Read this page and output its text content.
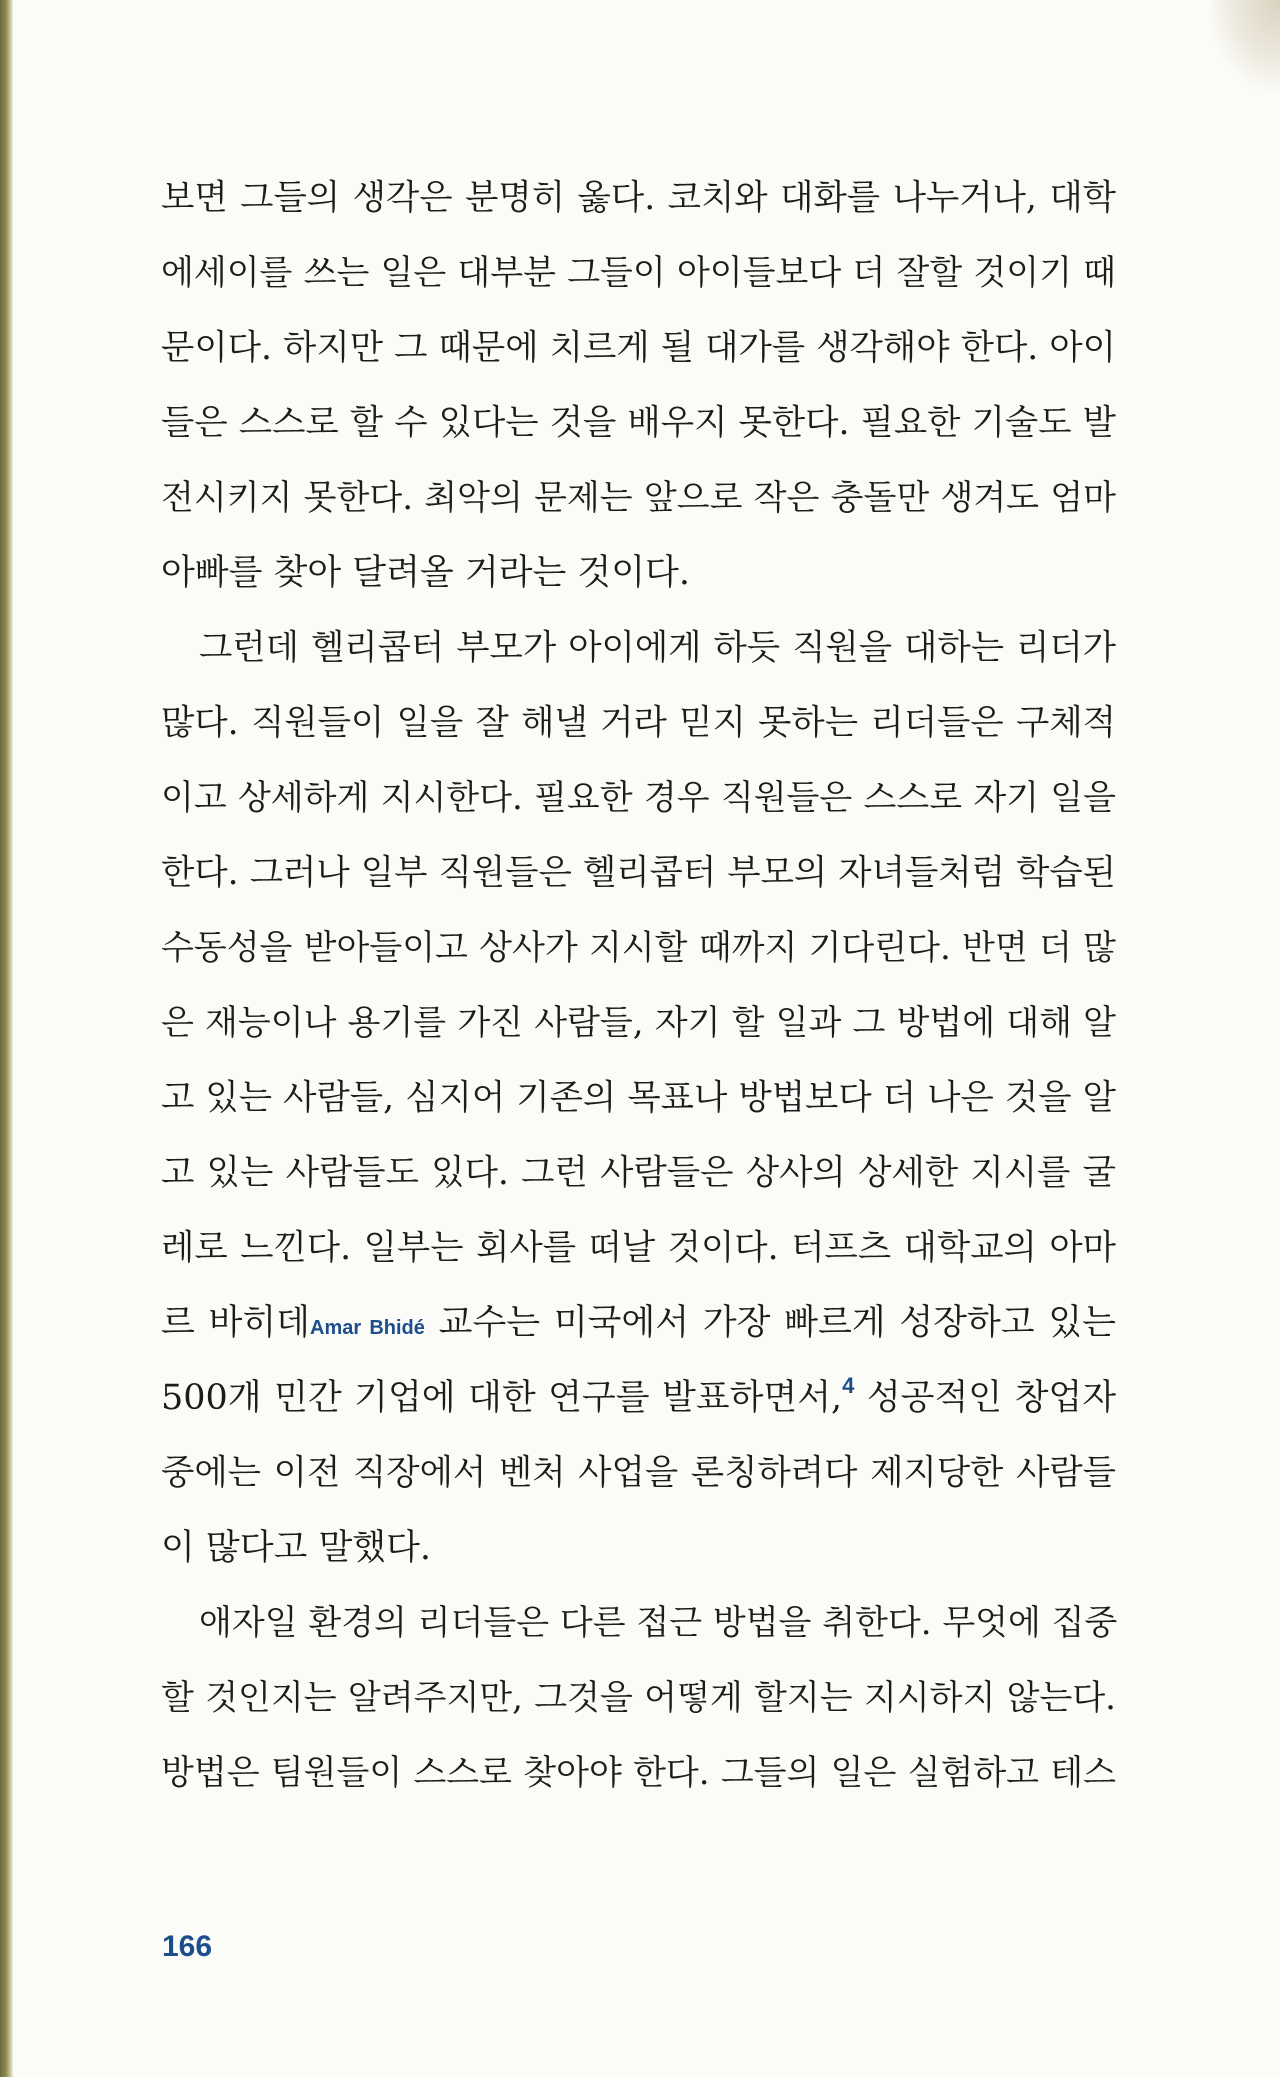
보면 그들의 생각은 분명히 옳다. 코치와 대화를 나누거나, 대학
에세이를 쓰는 일은 대부분 그들이 아이들보다 더 잘할 것이기 때
문이다. 하지만 그 때문에 치르게 될 대가를 생각해야 한다. 아이
들은 스스로 할 수 있다는 것을 배우지 못한다. 필요한 기술도 발
전시키지 못한다. 최악의 문제는 앞으로 작은 충돌만 생겨도 엄마
아빠를 찾아 달려올 거라는 것이다.
그런데 헬리콥터 부모가 아이에게 하듯 직원을 대하는 리더가
많다. 직원들이 일을 잘 해낼 거라 믿지 못하는 리더들은 구체적
이고 상세하게 지시한다. 필요한 경우 직원들은 스스로 자기 일을
한다. 그러나 일부 직원들은 헬리콥터 부모의 자녀들처럼 학습된
수동성을 받아들이고 상사가 지시할 때까지 기다린다. 반면 더 많
은 재능이나 용기를 가진 사람들, 자기 할 일과 그 방법에 대해 알
고 있는 사람들, 심지어 기존의 목표나 방법보다 더 나은 것을 알
고 있는 사람들도 있다. 그런 사람들은 상사의 상세한 지시를 굴
레로 느낀다. 일부는 회사를 떠날 것이다. 터프츠 대학교의 아마
르 바히데Amar Bhidé 교수는 미국에서 가장 빠르게 성장하고 있는
500개 민간 기업에 대한 연구를 발표하면서,$^4$ 성공적인 창업자
중에는 이전 직장에서 벤처 사업을 론칭하려다 제지당한 사람들
이 많다고 말했다.
애자일 환경의 리더들은 다른 접근 방법을 취한다. 무엇에 집중
할 것인지는 알려주지만, 그것을 어떻게 할지는 지시하지 않는다.
방법은 팀원들이 스스로 찾아야 한다. 그들의 일은 실험하고 테스
166
